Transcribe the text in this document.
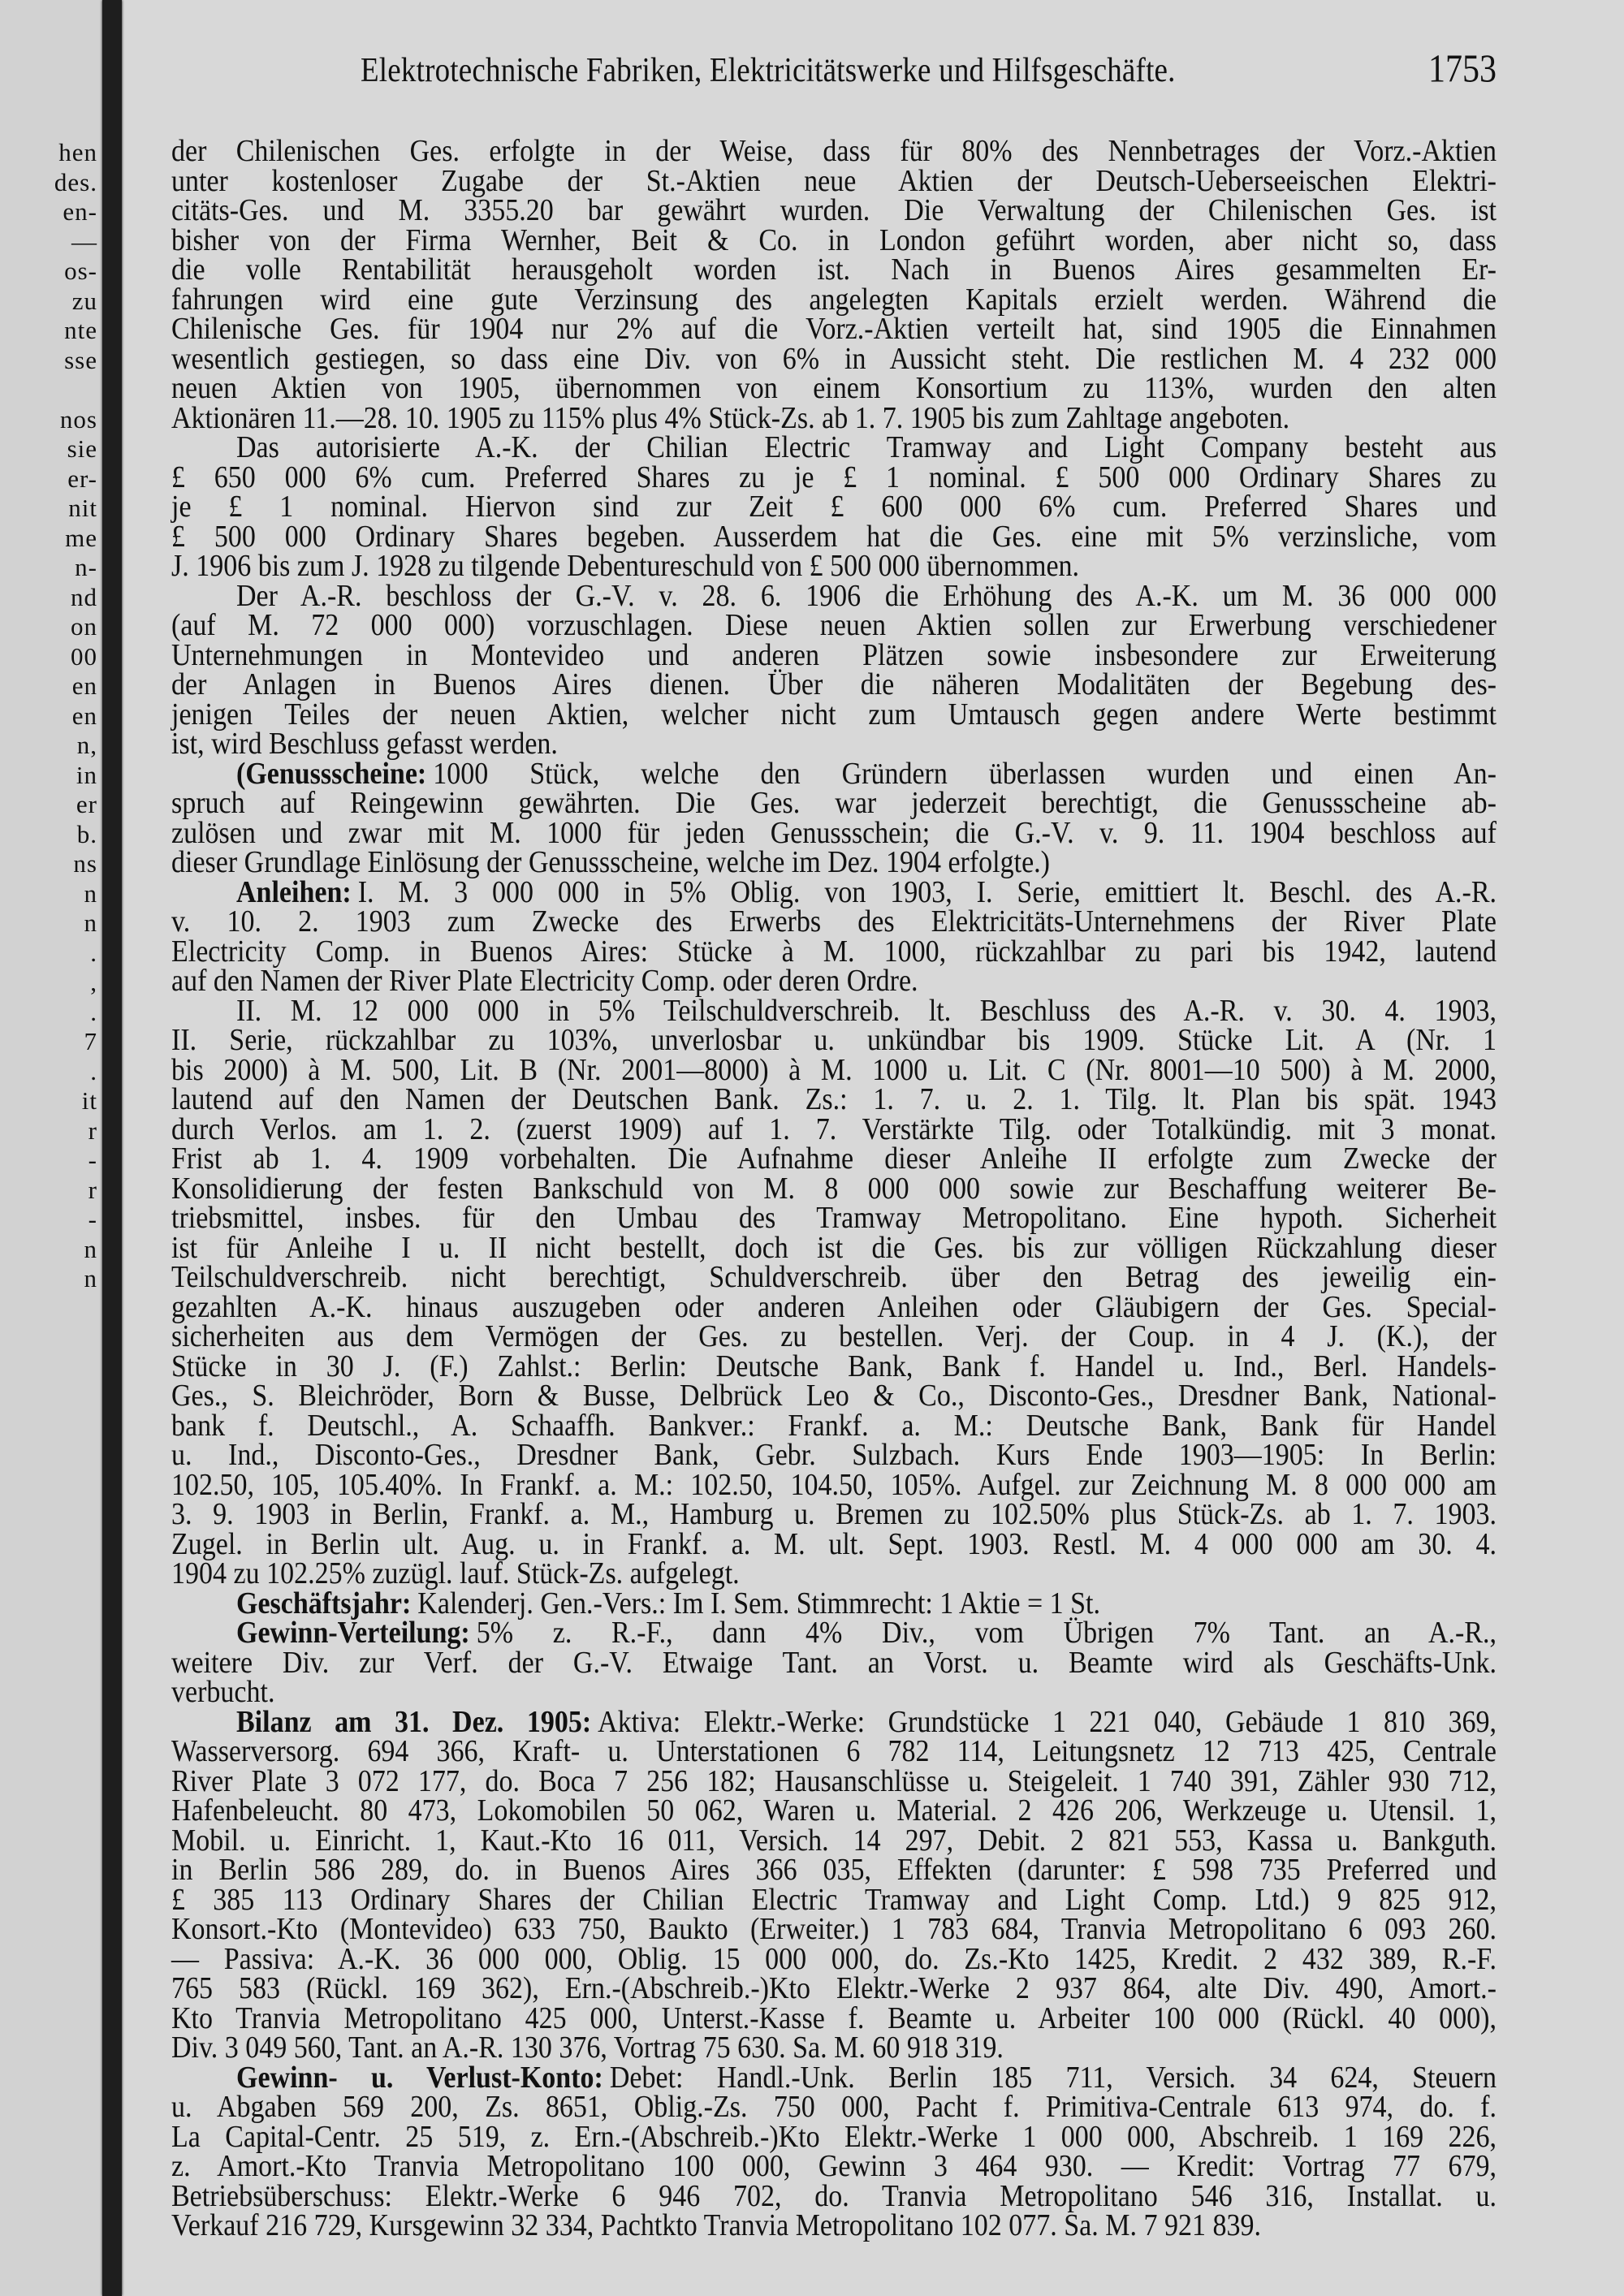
hen
des.
en-
—
os-
zu
nte
sse
nos
sie
er-
nit
me
n-
nd
on
00
en
en
n,
in
er
b.
ns
n
n
.
,
.
7
.
it
r
-
r
-
n
n
Elektrotechnische Fabriken, Elektricitätswerke und Hilfsgeschäfte.	1753
der Chilenischen Ges. erfolgte in der Weise, dass für 80% des Nennbetrages der Vorz.-Aktien
unter kostenloser Zugabe der St.-Aktien neue Aktien der Deutsch-Ueberseeischen Elektri-
citäts-Ges. und M. 3355.20 bar gewährt wurden. Die Verwaltung der Chilenischen Ges. ist
bisher von der Firma Wernher, Beit & Co. in London geführt worden, aber nicht so, dass
die volle Rentabilität herausgeholt worden ist. Nach in Buenos Aires gesammelten Er-
fahrungen wird eine gute Verzinsung des angelegten Kapitals erzielt werden. Während die
Chilenische Ges. für 1904 nur 2% auf die Vorz.-Aktien verteilt hat, sind 1905 die Einnahmen
wesentlich gestiegen, so dass eine Div. von 6% in Aussicht steht. Die restlichen M. 4 232 000
neuen Aktien von 1905, übernommen von einem Konsortium zu 113%, wurden den alten
Aktionären 11.—28. 10. 1905 zu 115% plus 4% Stück-Zs. ab 1. 7. 1905 bis zum Zahltage angeboten.
Das autorisierte A.-K. der Chilian Electric Tramway and Light Company besteht aus
£ 650 000 6% cum. Preferred Shares zu je £ 1 nominal. £ 500 000 Ordinary Shares zu
je £ 1 nominal. Hiervon sind zur Zeit £ 600 000 6% cum. Preferred Shares und
£ 500 000 Ordinary Shares begeben. Ausserdem hat die Ges. eine mit 5% verzinsliche, vom
J. 1906 bis zum J. 1928 zu tilgende Debentureschuld von £ 500 000 übernommen.
Der A.-R. beschloss der G.-V. v. 28. 6. 1906 die Erhöhung des A.-K. um M. 36 000 000
(auf M. 72 000 000) vorzuschlagen. Diese neuen Aktien sollen zur Erwerbung verschiedener
Unternehmungen in Montevideo und anderen Plätzen sowie insbesondere zur Erweiterung
der Anlagen in Buenos Aires dienen. Über die näheren Modalitäten der Begebung des-
jenigen Teiles der neuen Aktien, welcher nicht zum Umtausch gegen andere Werte bestimmt
ist, wird Beschluss gefasst werden.
(Genussscheine: 1000 Stück, welche den Gründern überlassen wurden und einen An-
spruch auf Reingewinn gewährten. Die Ges. war jederzeit berechtigt, die Genussscheine ab-
zulösen und zwar mit M. 1000 für jeden Genussschein; die G.-V. v. 9. 11. 1904 beschloss auf
dieser Grundlage Einlösung der Genussscheine, welche im Dez. 1904 erfolgte.)
Anleihen: I. M. 3 000 000 in 5% Oblig. von 1903, I. Serie, emittiert lt. Beschl. des A.-R.
v. 10. 2. 1903 zum Zwecke des Erwerbs des Elektricitäts-Unternehmens der River Plate
Electricity Comp. in Buenos Aires: Stücke à M. 1000, rückzahlbar zu pari bis 1942, lautend
auf den Namen der River Plate Electricity Comp. oder deren Ordre.
II. M. 12 000 000 in 5% Teilschuldverschreib. lt. Beschluss des A.-R. v. 30. 4. 1903,
II. Serie, rückzahlbar zu 103%, unverlosbar u. unkündbar bis 1909. Stücke Lit. A (Nr. 1
bis 2000) à M. 500, Lit. B (Nr. 2001—8000) à M. 1000 u. Lit. C (Nr. 8001—10 500) à M. 2000,
lautend auf den Namen der Deutschen Bank. Zs.: 1. 7. u. 2. 1. Tilg. lt. Plan bis spät. 1943
durch Verlos. am 1. 2. (zuerst 1909) auf 1. 7. Verstärkte Tilg. oder Totalkündig. mit 3 monat.
Frist ab 1. 4. 1909 vorbehalten. Die Aufnahme dieser Anleihe II erfolgte zum Zwecke der
Konsolidierung der festen Bankschuld von M. 8 000 000 sowie zur Beschaffung weiterer Be-
triebsmittel, insbes. für den Umbau des Tramway Metropolitano. Eine hypoth. Sicherheit
ist für Anleihe I u. II nicht bestellt, doch ist die Ges. bis zur völligen Rückzahlung dieser
Teilschuldverschreib. nicht berechtigt, Schuldverschreib. über den Betrag des jeweilig ein-
gezahlten A.-K. hinaus auszugeben oder anderen Anleihen oder Gläubigern der Ges. Special-
sicherheiten aus dem Vermögen der Ges. zu bestellen. Verj. der Coup. in 4 J. (K.), der
Stücke in 30 J. (F.) Zahlst.: Berlin: Deutsche Bank, Bank f. Handel u. Ind., Berl. Handels-
Ges., S. Bleichröder, Born & Busse, Delbrück Leo & Co., Disconto-Ges., Dresdner Bank, National-
bank f. Deutschl., A. Schaaffh. Bankver.: Frankf. a. M.: Deutsche Bank, Bank für Handel
u. Ind., Disconto-Ges., Dresdner Bank, Gebr. Sulzbach. Kurs Ende 1903—1905: In Berlin:
102.50, 105, 105.40%. In Frankf. a. M.: 102.50, 104.50, 105%. Aufgel. zur Zeichnung M. 8 000 000 am
3. 9. 1903 in Berlin, Frankf. a. M., Hamburg u. Bremen zu 102.50% plus Stück-Zs. ab 1. 7. 1903.
Zugel. in Berlin ult. Aug. u. in Frankf. a. M. ult. Sept. 1903. Restl. M. 4 000 000 am 30. 4.
1904 zu 102.25% zuzügl. lauf. Stück-Zs. aufgelegt.
Geschäftsjahr: Kalenderj. Gen.-Vers.: Im I. Sem. Stimmrecht: 1 Aktie = 1 St.
Gewinn-Verteilung: 5% z. R.-F., dann 4% Div., vom Übrigen 7% Tant. an A.-R.,
weitere Div. zur Verf. der G.-V. Etwaige Tant. an Vorst. u. Beamte wird als Geschäfts-Unk.
verbucht.
Bilanz am 31. Dez. 1905: Aktiva: Elektr.-Werke: Grundstücke 1 221 040, Gebäude 1 810 369,
Wasserversorg. 694 366, Kraft- u. Unterstationen 6 782 114, Leitungsnetz 12 713 425, Centrale
River Plate 3 072 177, do. Boca 7 256 182; Hausanschlüsse u. Steigeleit. 1 740 391, Zähler 930 712,
Hafenbeleucht. 80 473, Lokomobilen 50 062, Waren u. Material. 2 426 206, Werkzeuge u. Utensil. 1,
Mobil. u. Einricht. 1, Kaut.-Kto 16 011, Versich. 14 297, Debit. 2 821 553, Kassa u. Bankguth.
in Berlin 586 289, do. in Buenos Aires 366 035, Effekten (darunter: £ 598 735 Preferred und
£ 385 113 Ordinary Shares der Chilian Electric Tramway and Light Comp. Ltd.) 9 825 912,
Konsort.-Kto (Montevideo) 633 750, Baukto (Erweiter.) 1 783 684, Tranvia Metropolitano 6 093 260.
— Passiva: A.-K. 36 000 000, Oblig. 15 000 000, do. Zs.-Kto 1425, Kredit. 2 432 389, R.-F.
765 583 (Rückl. 169 362), Ern.-(Abschreib.-)Kto Elektr.-Werke 2 937 864, alte Div. 490, Amort.-
Kto Tranvia Metropolitano 425 000, Unterst.-Kasse f. Beamte u. Arbeiter 100 000 (Rückl. 40 000),
Div. 3 049 560, Tant. an A.-R. 130 376, Vortrag 75 630. Sa. M. 60 918 319.
Gewinn- u. Verlust-Konto: Debet: Handl.-Unk. Berlin 185 711, Versich. 34 624, Steuern
u. Abgaben 569 200, Zs. 8651, Oblig.-Zs. 750 000, Pacht f. Primitiva-Centrale 613 974, do. f.
La Capital-Centr. 25 519, z. Ern.-(Abschreib.-)Kto Elektr.-Werke 1 000 000, Abschreib. 1 169 226,
z. Amort.-Kto Tranvia Metropolitano 100 000, Gewinn 3 464 930. — Kredit: Vortrag 77 679,
Betriebsüberschuss: Elektr.-Werke 6 946 702, do. Tranvia Metropolitano 546 316, Installat. u.
Verkauf 216 729, Kursgewinn 32 334, Pachtkto Tranvia Metropolitano 102 077. Sa. M. 7 921 839.
